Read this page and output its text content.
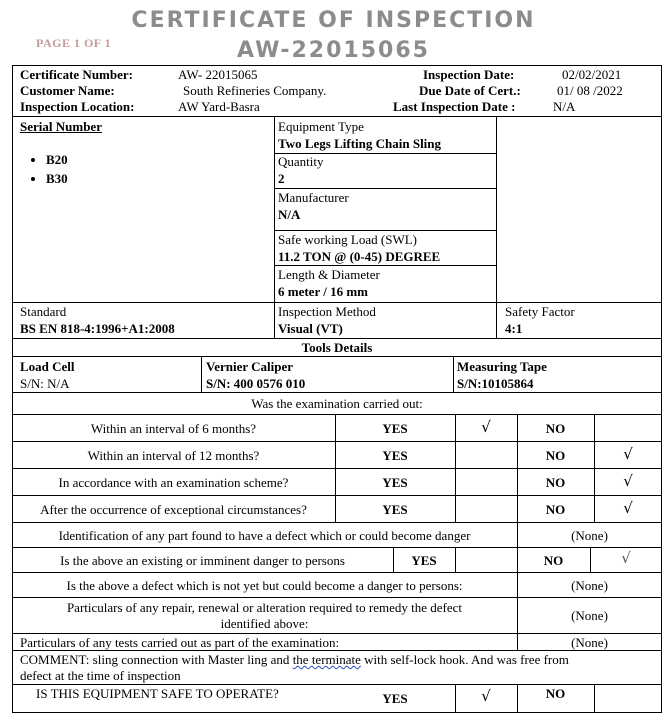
CERTIFICATE OF INSPECTION
AW-22015065
PAGE 1 OF 1
Certificate Number:	AW- 22015065
Customer Name:	South Refineries Company.
Inspection Location:	AW Yard-Basra
Inspection Date:	02/02/2021
Due Date of Cert.:	01/ 08 /2022
Last Inspection Date :	N/A
Serial Number
• B20
• B30
Equipment Type
Two Legs Lifting Chain Sling
Quantity
2
Manufacturer
N/A
Safe working Load (SWL)
11.2 TON @ (0-45) DEGREE
Length & Diameter
6 meter / 16 mm
Standard
BS EN 818-4:1996+A1:2008
Inspection Method
Visual (VT)
Safety Factor
4:1
Tools Details
Load Cell
S/N: N/A
Vernier Caliper
S/N: 400 0576 010
Measuring Tape
S/N:10105864
Was the examination carried out:
Within an interval of 6 months?	YES	√	NO
Within an interval of 12 months?	YES	NO	√
In accordance with an examination scheme?	YES	NO	√
After the occurrence of exceptional circumstances?	YES	NO	√
Identification of any part found to have a defect which or could become danger	(None)
Is the above an existing or imminent danger to persons	YES	NO	√
Is the above a defect which is not yet but could become a danger to persons:	(None)
Particulars of any repair, renewal or alteration required to remedy the defect
identified above:
(None)
Particulars of any tests carried out as part of the examination:	(None)
COMMENT: sling connection with Master ling and the terminate with self-lock hook. And was free from
defect at the time of inspection
IS THIS EQUIPMENT SAFE TO OPERATE?	YES	√	NO
